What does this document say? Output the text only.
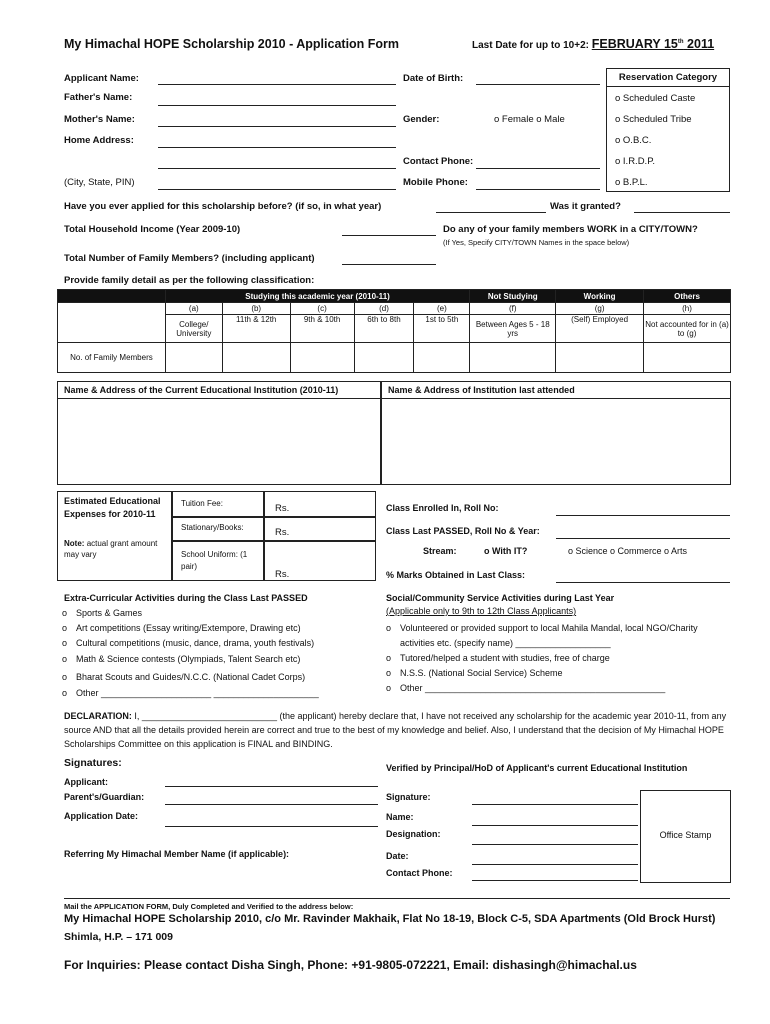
My Himachal HOPE Scholarship 2010 - Application Form	Last Date for up to 10+2: FEBRUARY 15th 2011
Applicant Name:
Father's Name:
Mother's Name:
Home Address:
(City, State, PIN)
Date of Birth:
Gender:	o Female o Male
Contact Phone:
Mobile Phone:
Reservation Category
o Scheduled Caste
o Scheduled Tribe
o O.B.C.
o I.R.D.P.
o B.P.L.
Have you ever applied for this scholarship before? (if so, in what year)	Was it granted?
Total Household Income (Year 2009-10)	Do any of your family members WORK in a CITY/TOWN?
(If Yes, Specify CITY/TOWN Names in the space below)
Total Number of Family Members? (including applicant)
Provide family detail as per the following classification:
	Studying this academic year (2010-11)					Not Studying	Working	Others
	(a)	(b)	(c)	(d)	(e)	(f)	(g)	(h)
	College/ University	11th & 12th	9th & 10th	6th to 8th	1st to 5th	Between Ages 5 - 18 yrs	(Self) Employed	Not accounted for in (a) to (g)
No. of Family Members								
Name & Address of the Current Educational Institution (2010-11)	Name & Address of Institution last attended
Estimated Educational Expenses for 2010-11
Note: actual grant amount may vary
Tuition Fee:	Rs.
Stationary/Books:	Rs.
School Uniform: (1 pair)
Rs.
Class Enrolled In, Roll No:
Class Last PASSED, Roll No & Year:
Stream:	o With IT?	o Science o Commerce o Arts
% Marks Obtained in Last Class:
Extra-Curricular Activities during the Class Last PASSED
o Sports & Games
o Art competitions (Essay writing/Extempore, Drawing etc)
o Cultural competitions (music, dance, drama, youth festivals)
o Math & Science contests (Olympiads, Talent Search etc)
o Bharat Scouts and Guides/N.C.C. (National Cadet Corps)
o Other ______________________ _____________________
Social/Community Service Activities during Last Year
(Applicable only to 9th to 12th Class Applicants)
o Volunteered or provided support to local Mahila Mandal, local NGO/Charity activities etc. (specify name) ___________________
o Tutored/helped a student with studies, free of charge
o N.S.S. (National Social Service) Scheme
o Other ________________________________________________
DECLARATION: I, ___________________________ (the applicant) hereby declare that, I have not received any scholarship for the academic year 2010-11, from any source AND that all the details provided herein are correct and true to the best of my knowledge and belief. Also, I understand that the decision of My Himachal HOPE Scholarships Committee on this application is FINAL and BINDING.
Signatures:
Applicant:
Parent's/Guardian:
Application Date:
Referring My Himachal Member Name (if applicable):
Verified by Principal/HoD of Applicant's current Educational Institution
Signature:
Name:
Designation:
Date:
Contact Phone:
Office Stamp
Mail the APPLICATION FORM, Duly Completed and Verified to the address below:
My Himachal HOPE Scholarship 2010, c/o Mr. Ravinder Makhaik, Flat No 18-19, Block C-5, SDA Apartments (Old Brock Hurst)
Shimla, H.P. – 171 009
For Inquiries: Please contact Disha Singh, Phone: +91-9805-072221, Email: dishasingh@himachal.us
